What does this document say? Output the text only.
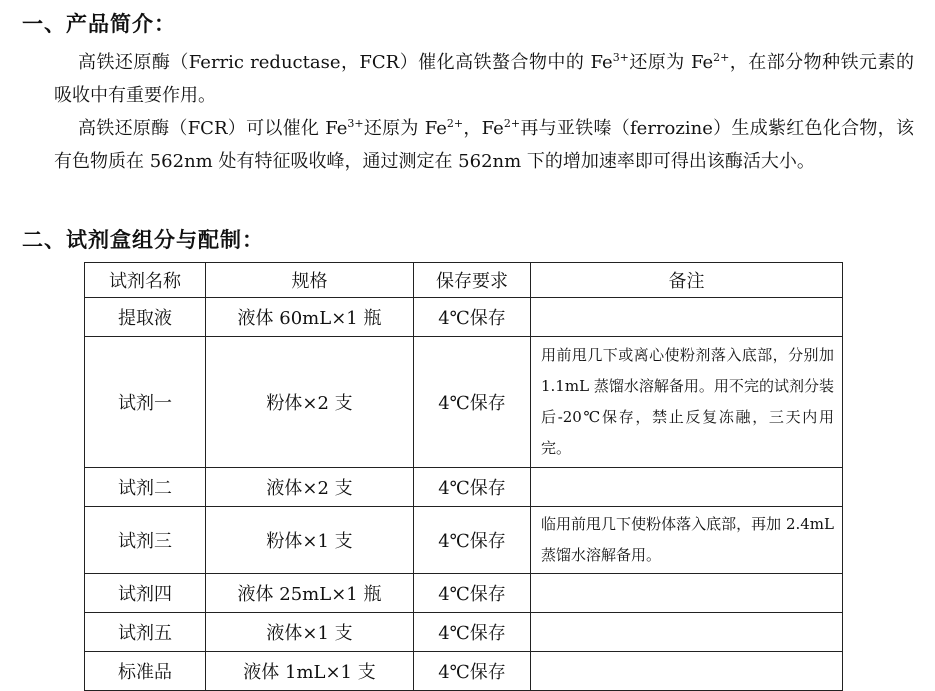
一、产品简介：

高铁还原酶（Ferric reductase，FCR）催化高铁螯合物中的 $Fe^{3+}$还原为 $Fe^{2+}$，在部分物种铁元素的吸收中有重要作用。

高铁还原酶（FCR）可以催化 $Fe^{3+}$还原为 $Fe^{2+}$，$Fe^{2+}$再与亚铁嗪（ferrozine）生成紫红色化合物，该有色物质在 562nm 处有特征吸收峰，通过测定在 562nm 下的增加速率即可得出该酶活大小。

二、试剂盒组分与配制：
试剂名称	规格	保存要求	备注
提取液	液体 60mL×1 瓶	4℃保存	
试剂一	粉体×2 支	4℃保存	用前甩几下或离心使粉剂落入底部，分别加 1.1mL 蒸馏水溶解备用。用不完的试剂分装后-20℃保存，禁止反复冻融，三天内用完。
试剂二	液体×2 支	4℃保存	
试剂三	粉体×1 支	4℃保存	临用前甩几下使粉体落入底部，再加 2.4mL 蒸馏水溶解备用。
试剂四	液体 25mL×1 瓶	4℃保存	
试剂五	液体×1 支	4℃保存	
标准品	液体 1mL×1 支	4℃保存	
